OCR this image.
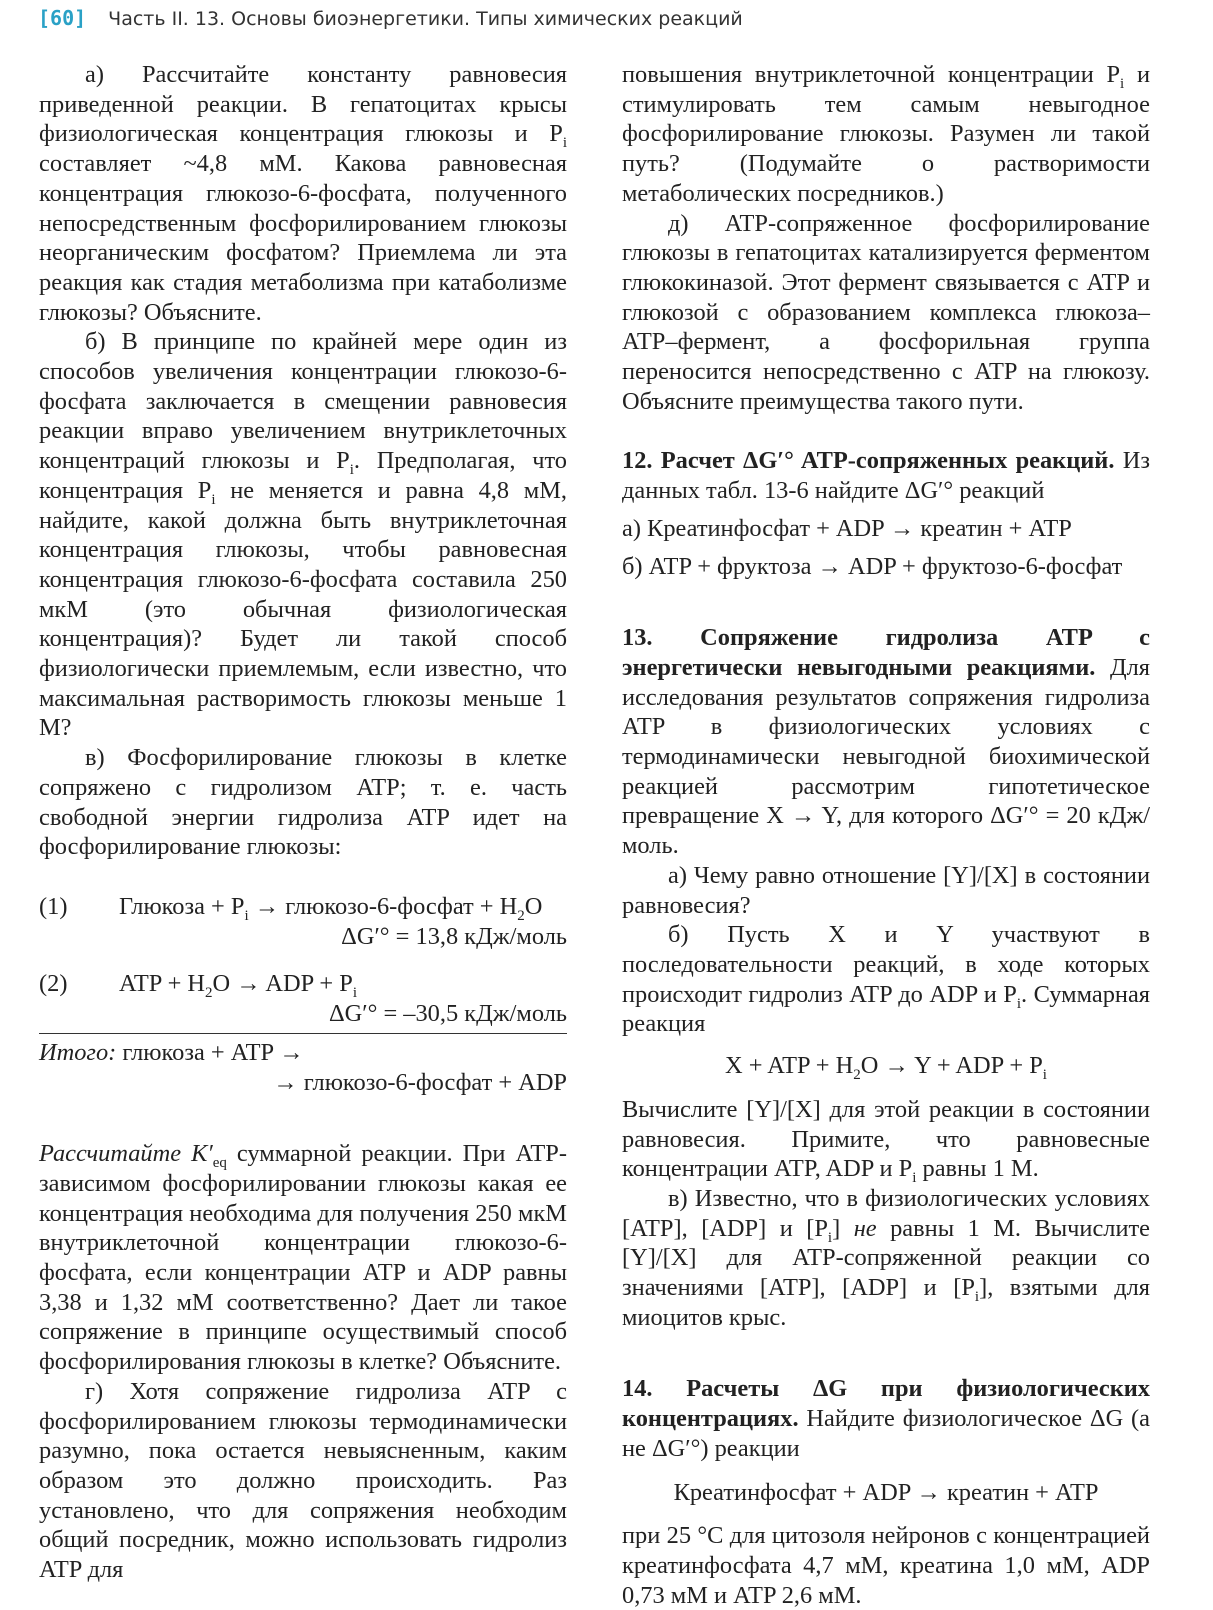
[60] Часть II. 13. Основы биоэнергетики. Типы химических реакций

а) Рассчитайте константу равновесия приведенной реакции. В гепатоцитах крысы физиологическая концентрация глюкозы и $P_i$ составляет ~4,8 мМ. Какова равновесная концентрация глюкозо-6-фосфата, полученного непосредственным фосфорилированием глюкозы неорганическим фосфатом? Приемлема ли эта реакция как стадия метаболизма при катаболизме глюкозы? Объясните.

б) В принципе по крайней мере один из способов увеличения концентрации глюкозо-6-фосфата заключается в смещении равновесия реакции вправо увеличением внутриклеточных концентраций глюкозы и $P_i$. Предполагая, что концентрация $P_i$ не меняется и равна 4,8 мМ, найдите, какой должна быть внутриклеточная концентрация глюкозы, чтобы равновесная концентрация глюкозо-6-фосфата составила 250 мкМ (это обычная физиологическая концентрация)? Будет ли такой способ физиологически приемлемым, если известно, что максимальная растворимость глюкозы меньше 1 М?

в) Фосфорилирование глюкозы в клетке сопряжено с гидролизом ATP; т. е. часть свободной энергии гидролиза ATP идет на фосфорилирование глюкозы:

(1)	Глюкоза + $P_i$ → глюкозо-6-фосфат + $H_2O$
ΔG′° = 13,8 кДж/моль
(2)	ATP + $H_2O$ → ADP + $P_i$
ΔG′° = –30,5 кДж/моль
Итого: глюкоза + ATP →
→ глюкозо-6-фосфат + ADP

Рассчитайте $K'_{eq}$ суммарной реакции. При ATP-зависимом фосфорилировании глюкозы какая ее концентрация необходима для получения 250 мкМ внутриклеточной концентрации глюкозо-6-фосфата, если концентрации ATP и ADP равны 3,38 и 1,32 мМ соответственно? Дает ли такое сопряжение в принципе осуществимый способ фосфорилирования глюкозы в клетке? Объясните.

г) Хотя сопряжение гидролиза ATP с фосфорилированием глюкозы термодинамически разумно, пока остается невыясненным, каким образом это должно происходить. Раз установлено, что для сопряжения необходим общий посредник, можно использовать гидролиз ATP для

повышения внутриклеточной концентрации $P_i$ и стимулировать тем самым невыгодное фосфорилирование глюкозы. Разумен ли такой путь? (Подумайте о растворимости метаболических посредников.)

д) ATP-сопряженное фосфорилирование глюкозы в гепатоцитах катализируется ферментом глюкокиназой. Этот фермент связывается с ATP и глюкозой с образованием комплекса глюкоза–ATP–фермент, а фосфорильная группа переносится непосредственно с ATP на глюкозу. Объясните преимущества такого пути.

12. Расчет ΔG′° ATP-сопряженных реакций. Из данных табл. 13-6 найдите ΔG′° реакций

а) Креатинфосфат + ADP → креатин + ATP
б) ATP + фруктоза → ADP + фруктозо-6-фосфат

13. Сопряжение гидролиза ATP с энергетически невыгодными реакциями. Для исследования результатов сопряжения гидролиза ATP в физиологических условиях с термодинамически невыгодной биохимической реакцией рассмотрим гипотетическое превращение X → Y, для которого ΔG′° = 20 кДж/моль.

а) Чему равно отношение [Y]/[X] в состоянии равновесия?

б) Пусть X и Y участвуют в последовательности реакций, в ходе которых происходит гидролиз ATP до ADP и $P_i$. Суммарная реакция

X + ATP + $H_2O \to Y$ + ADP + $P_i$

Вычислите [Y]/[X] для этой реакции в состоянии равновесия. Примите, что равновесные концентрации ATP, ADP и $P_i$ равны 1 М.

в) Известно, что в физиологических условиях [ATP], [ADP] и $[P_i]$ не равны 1 М. Вычислите [Y]/[X] для ATP-сопряженной реакции со значениями [ATP], [ADP] и $[P_i]$, взятыми для миоцитов крыс.

14. Расчеты ΔG при физиологических концентрациях. Найдите физиологическое ΔG (а не ΔG′°) реакции

Креатинфосфат + ADP → креатин + ATP

при 25 °C для цитозоля нейронов с концентрацией креатинфосфата 4,7 мМ, креатина 1,0 мМ, ADP 0,73 мМ и ATP 2,6 мМ.
